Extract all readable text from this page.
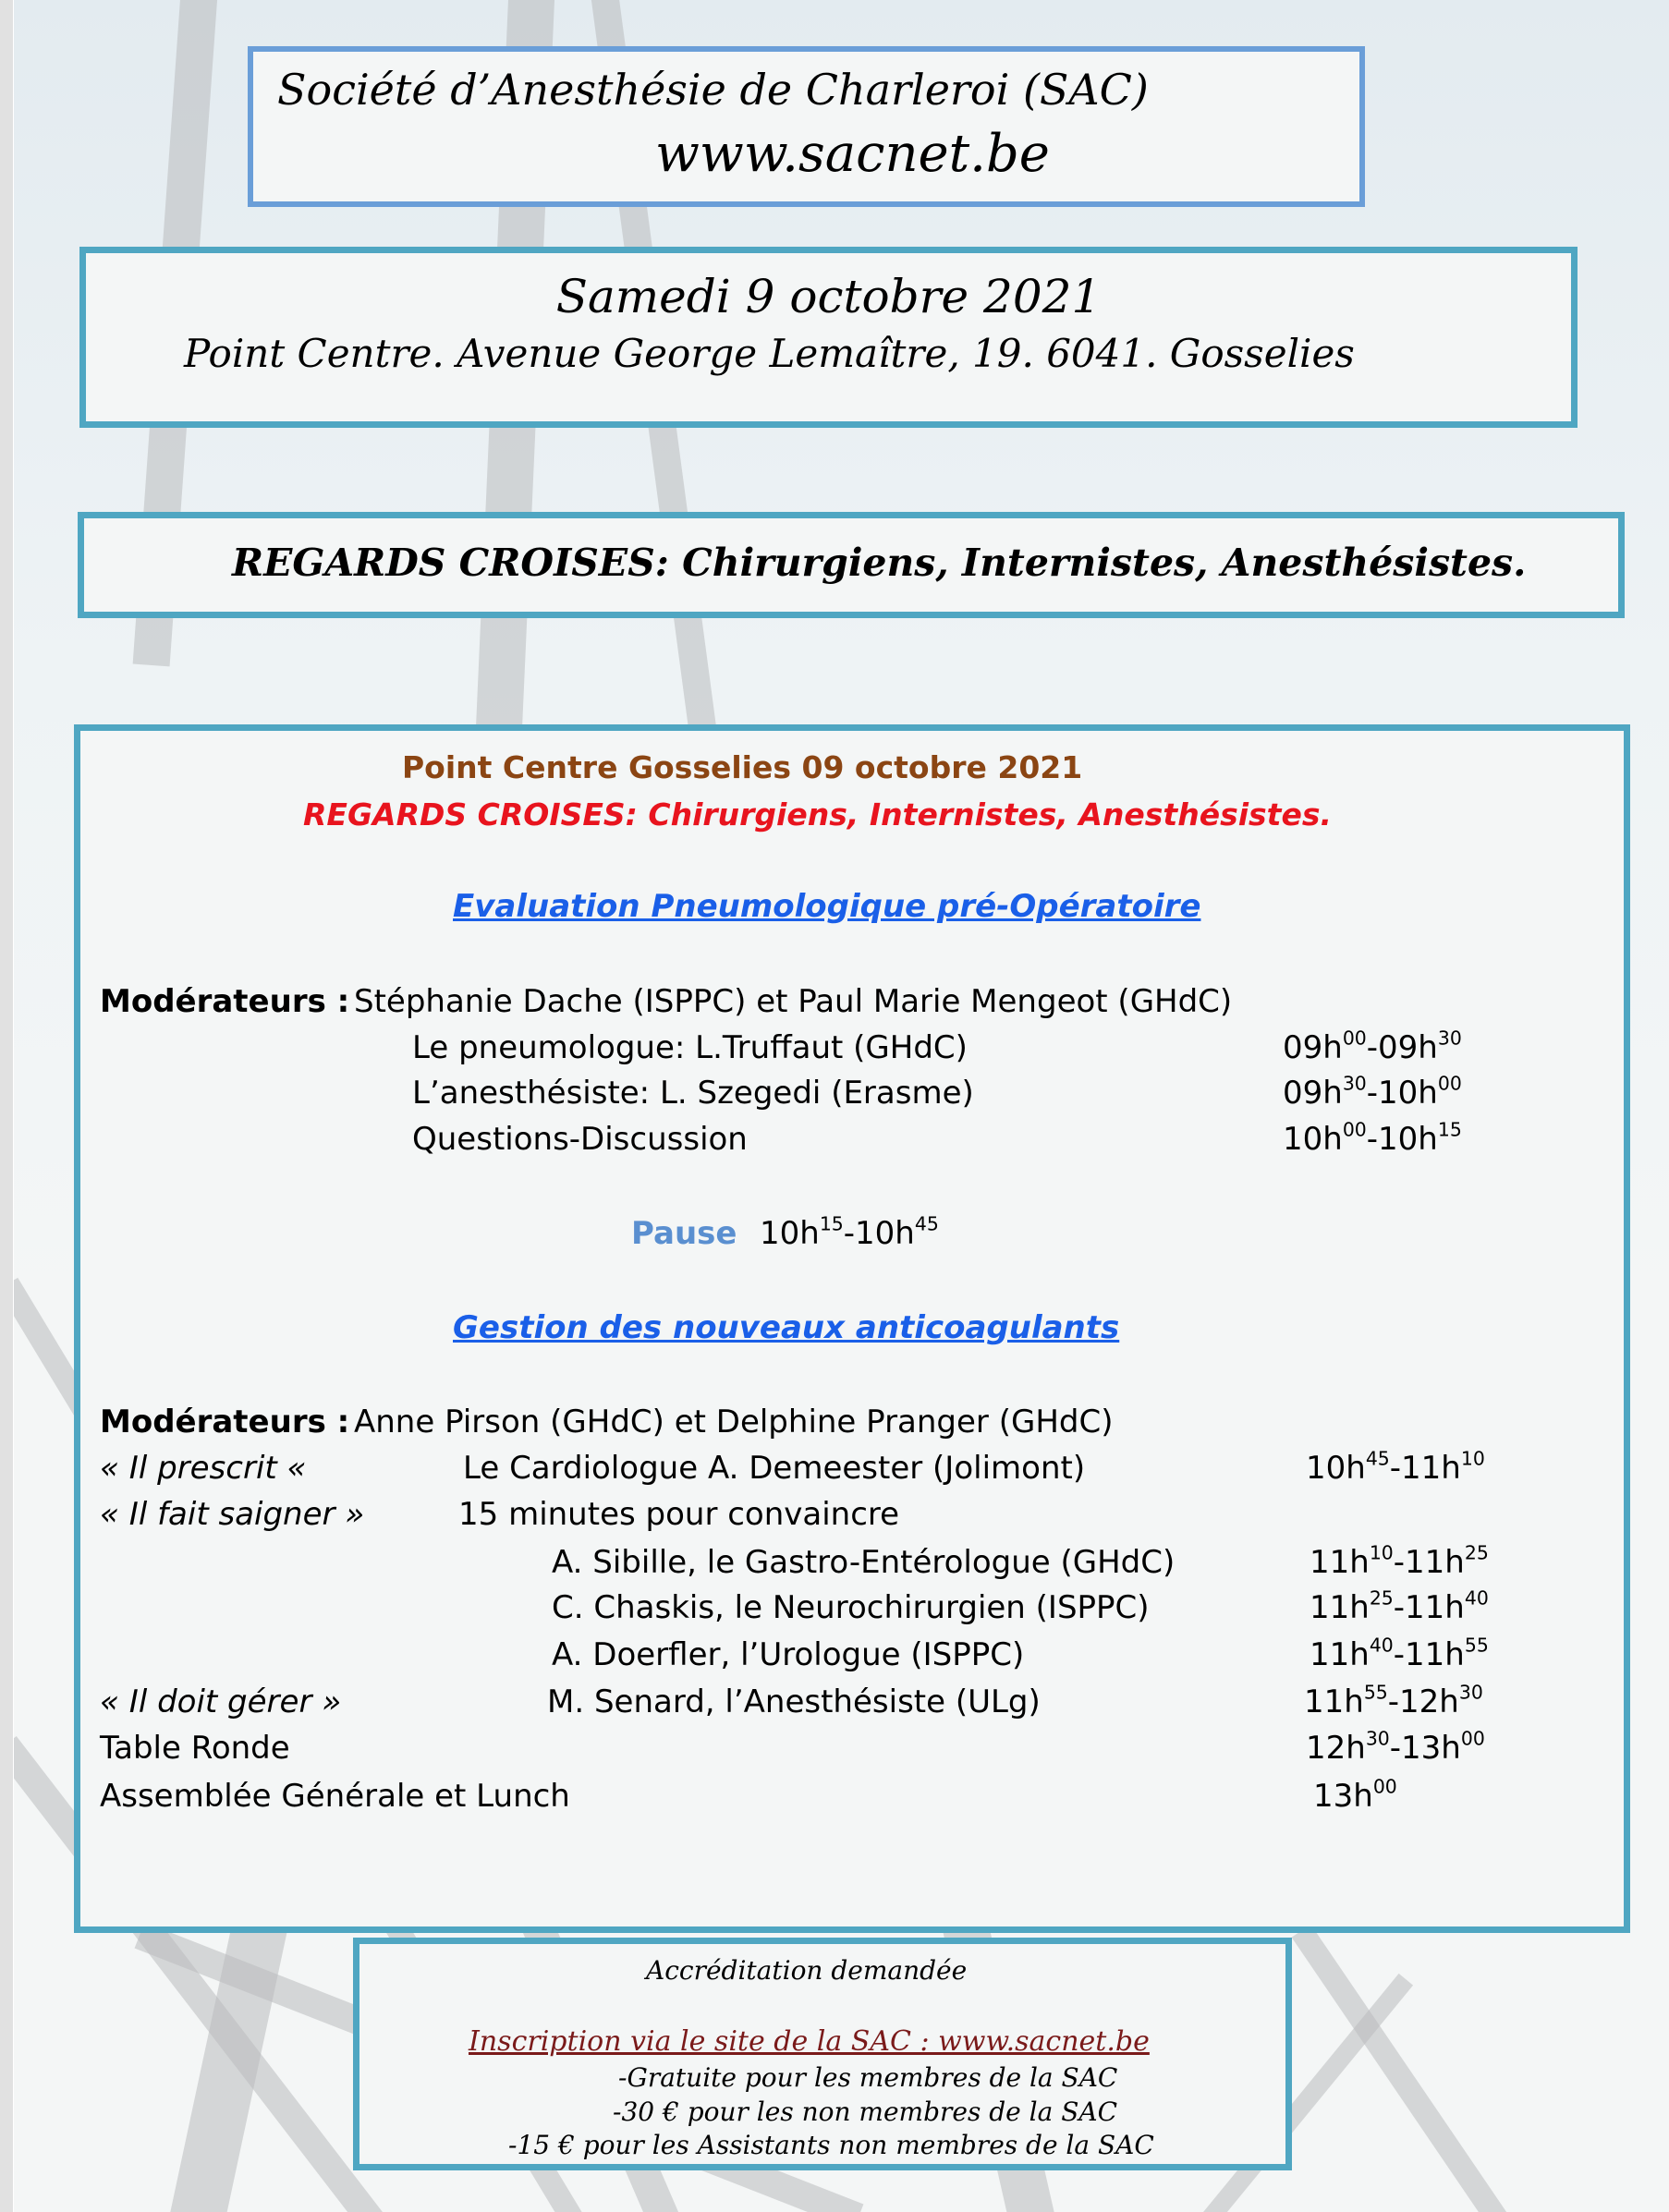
Société d’Anesthésie de Charleroi (SAC)
www.sacnet.be
Samedi 9 octobre 2021
Point Centre. Avenue George Lemaître, 19. 6041. Gosselies
REGARDS CROISES: Chirurgiens, Internistes, Anesthésistes.
Point Centre Gosselies 09 octobre 2021
REGARDS CROISES: Chirurgiens, Internistes, Anesthésistes.
Evaluation Pneumologique pré-Opératoire
Modérateurs : Stéphanie Dache (ISPPC) et Paul Marie Mengeot (GHdC)
Le pneumologue: L.Truffaut (GHdC)	$09h^{00}-09h^{30}$
L’anesthésiste: L. Szegedi (Erasme)	$09h^{30}-10h^{00}$
Questions-Discussion	$10h^{00}-10h^{15}$
Pause $10h^{15}-10h^{45}$
Gestion des nouveaux anticoagulants
Modérateurs : Anne Pirson (GHdC) et Delphine Pranger (GHdC)
« Il prescrit «	Le Cardiologue A. Demeester (Jolimont)	$10h^{45}-11h^{10}$
« Il fait saigner »	15 minutes pour convaincre
A. Sibille, le Gastro-Entérologue (GHdC)	$11h^{10}-11h^{25}$
C. Chaskis, le Neurochirurgien (ISPPC)	$11h^{25}-11h^{40}$
A. Doerfler, l’Urologue (ISPPC)	$11h^{40}-11h^{55}$
« Il doit gérer »	M. Senard, l’Anesthésiste (ULg)	$11h^{55}-12h^{30}$
Table Ronde	$12h^{30}-13h^{00}$
Assemblée Générale et Lunch	$13h^{00}$
Accréditation demandée
Inscription via le site de la SAC : www.sacnet.be
-Gratuite pour les membres de la SAC
-30 € pour les non membres de la SAC
-15 € pour les Assistants non membres de la SAC
